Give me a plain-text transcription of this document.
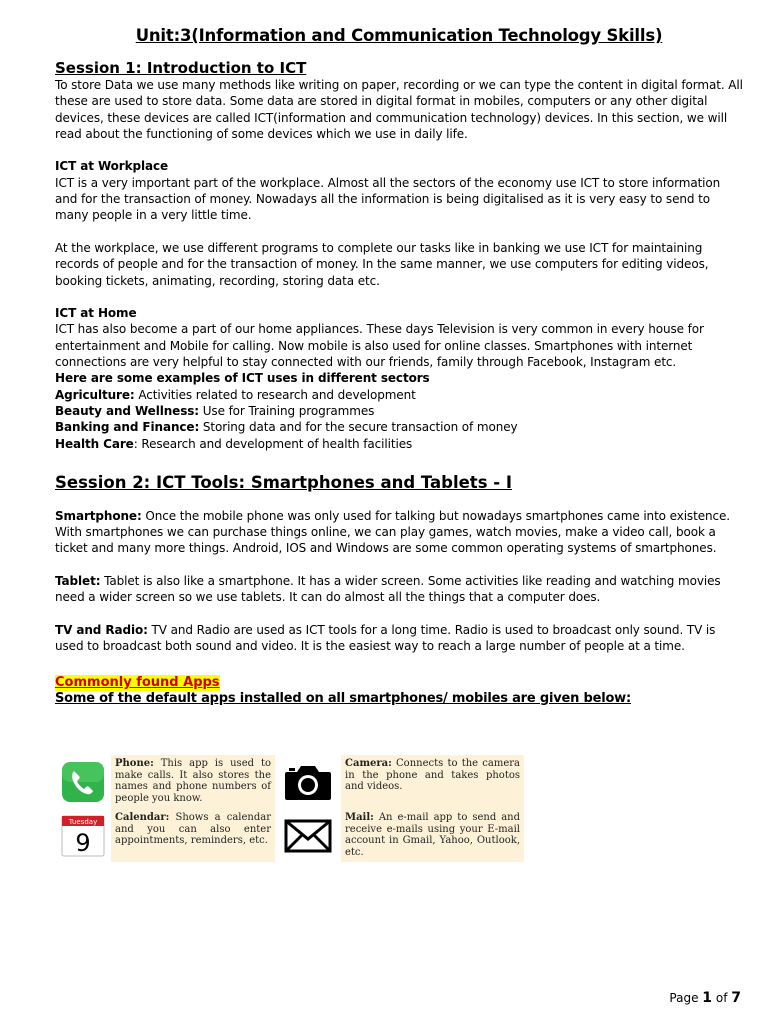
Unit:3(Information and Communication Technology Skills)
Session 1: Introduction to ICT

To store Data we use many methods like writing on paper, recording or we can type the content in digital format. All these are used to store data. Some data are stored in digital format in mobiles, computers or any other digital devices, these devices are called ICT(information and communication technology) devices. In this section, we will read about the functioning of some devices which we use in daily life.

ICT at Workplace

ICT is a very important part of the workplace. Almost all the sectors of the economy use ICT to store information and for the transaction of money. Nowadays all the information is being digitalised as it is very easy to send to many people in a very little time.

At the workplace, we use different programs to complete our tasks like in banking we use ICT for maintaining records of people and for the transaction of money. In the same manner, we use computers for editing videos, booking tickets, animating, recording, storing data etc.

ICT at Home

ICT has also become a part of our home appliances. These days Television is very common in every house for entertainment and Mobile for calling. Now mobile is also used for online classes. Smartphones with internet connections are very helpful to stay connected with our friends, family through Facebook, Instagram etc.

Here are some examples of ICT uses in different sectors

Agriculture: Activities related to research and development

Beauty and Wellness: Use for Training programmes

Banking and Finance: Storing data and for the secure transaction of money

Health Care: Research and development of health facilities

Session 2: ICT Tools: Smartphones and Tablets - I

Smartphone: Once the mobile phone was only used for talking but nowadays smartphones came into existence. With smartphones we can purchase things online, we can play games, watch movies, make a video call, book a ticket and many more things. Android, IOS and Windows are some common operating systems of smartphones.

Tablet: Tablet is also like a smartphone. It has a wider screen. Some activities like reading and watching movies need a wider screen so we use tablets. It can do almost all the things that a computer does.

TV and Radio: TV and Radio are used as ICT tools for a long time. Radio is used to broadcast only sound. TV is used to broadcast both sound and video. It is the easiest way to reach a large number of people at a time.

Commonly found Apps
Some of the default apps installed on all smartphones/ mobiles are given below:
Phone: This app is used to make calls. It also stores the names and phone numbers of people you know.
Camera: Connects to the camera in the phone and takes photos and videos.
Tuesday
9
Calendar: Shows a calendar and you can also enter appointments, reminders, etc.
Mail: An e-mail app to send and receive e-mails using your E-mail account in Gmail, Yahoo, Outlook, etc.
Page 1 of 7
